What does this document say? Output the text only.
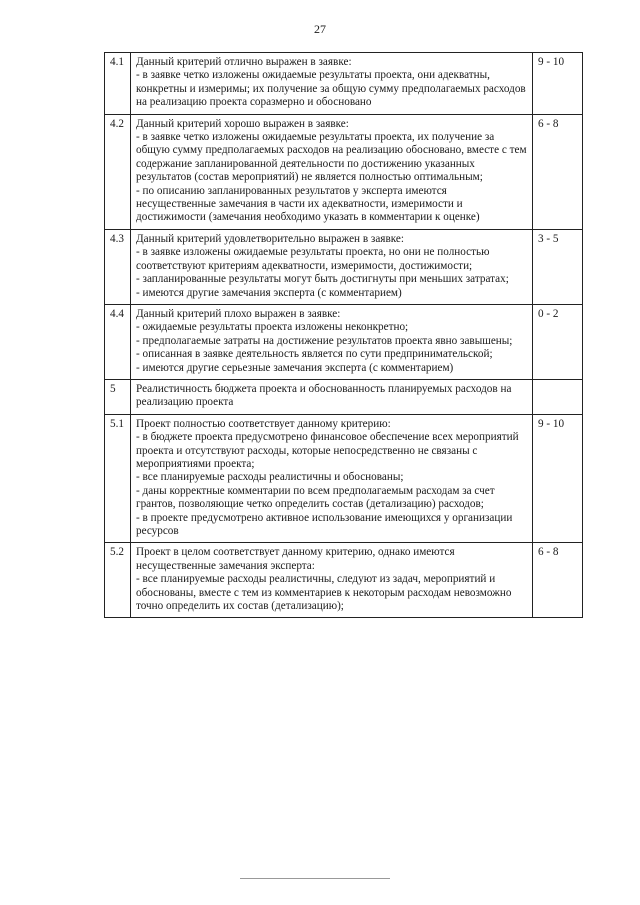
27
4.1	Данный критерий отлично выражен в заявке:
- в заявке четко изложены ожидаемые результаты проекта, они адекватны, конкретны и измеримы; их получение за общую сумму предполагаемых расходов на реализацию проекта соразмерно и обосновано	9 - 10
4.2	Данный критерий хорошо выражен в заявке:
- в заявке четко изложены ожидаемые результаты проекта, их получение за общую сумму предполагаемых расходов на реализацию обосновано, вместе с тем содержание запланированной деятельности по достижению указанных результатов (состав мероприятий) не является полностью оптимальным;
- по описанию запланированных результатов у эксперта имеются несущественные замечания в части их адекватности, измеримости и достижимости (замечания необходимо указать в комментарии к оценке)	6 - 8
4.3	Данный критерий удовлетворительно выражен в заявке:
- в заявке изложены ожидаемые результаты проекта, но они не полностью соответствуют критериям адекватности, измеримости, достижимости;
- запланированные результаты могут быть достигнуты при меньших затратах;
- имеются другие замечания эксперта (с комментарием)	3 - 5
4.4	Данный критерий плохо выражен в заявке:
- ожидаемые результаты проекта изложены неконкретно;
- предполагаемые затраты на достижение результатов проекта явно завышены;
- описанная в заявке деятельность является по сути предпринимательской;
- имеются другие серьезные замечания эксперта (с комментарием)	0 - 2
5	Реалистичность бюджета проекта и обоснованность планируемых расходов на реализацию проекта	

5.1	Проект полностью соответствует данному критерию:
- в бюджете проекта предусмотрено финансовое обеспечение всех мероприятий проекта и отсутствуют расходы, которые непосредственно не связаны с мероприятиями проекта;
- все планируемые расходы реалистичны и обоснованы;
- даны корректные комментарии по всем предполагаемым расходам за счет грантов, позволяющие четко определить состав (детализацию) расходов;
- в проекте предусмотрено активное использование имеющихся у организации ресурсов	9 - 10
5.2	Проект в целом соответствует данному критерию, однако имеются несущественные замечания эксперта:
- все планируемые расходы реалистичны, следуют из задач, мероприятий и обоснованы, вместе с тем из комментариев к некоторым расходам невозможно точно определить их состав (детализацию);	6 - 8
